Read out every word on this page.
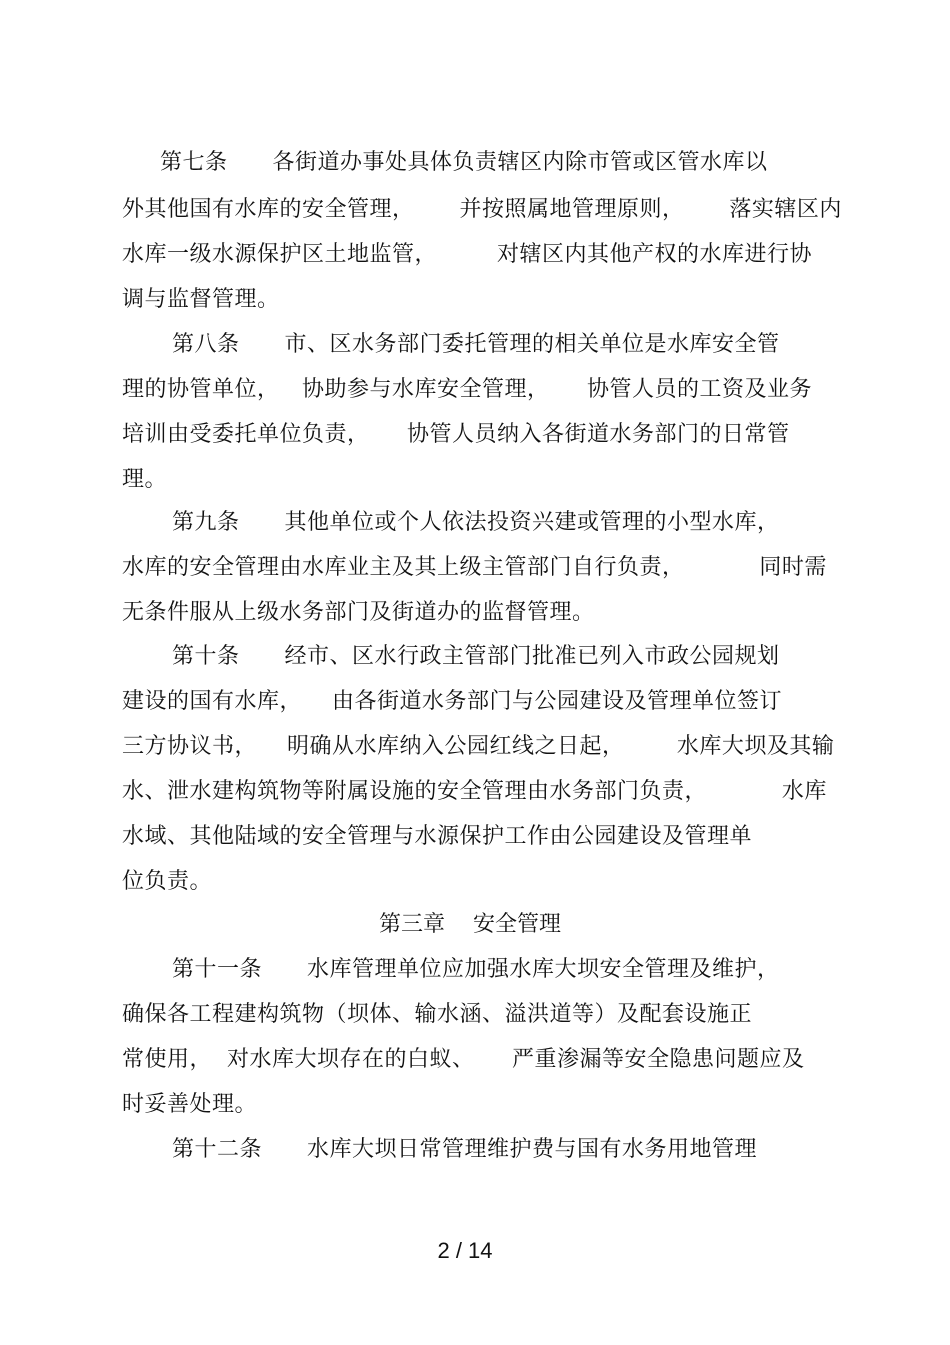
第七条      各街道办事处具体负责辖区内除市管或区管水库以
外其他国有水库的安全管理，      并按照属地管理原则，      落实辖区内
水库一级水源保护区土地监管，        对辖区内其他产权的水库进行协
调与监督管理。
第八条      市、区水务部门委托管理的相关单位是水库安全管
理的协管单位，   协助参与水库安全管理，     协管人员的工资及业务
培训由受委托单位负责，     协管人员纳入各街道水务部门的日常管
理。
第九条      其他单位或个人依法投资兴建或管理的小型水库，
水库的安全管理由水库业主及其上级主管部门自行负责，          同时需
无条件服从上级水务部门及街道办的监督管理。
第十条      经市、区水行政主管部门批准已列入市政公园规划
建设的国有水库，    由各街道水务部门与公园建设及管理单位签订
三方协议书，    明确从水库纳入公园红线之日起，       水库大坝及其输
水、泄水建构筑物等附属设施的安全管理由水务部门负责，          水库
水域、其他陆域的安全管理与水源保护工作由公园建设及管理单
位负责。
第三章    安全管理
第十一条      水库管理单位应加强水库大坝安全管理及维护，
确保各工程建构筑物（坝体、输水涵、溢洪道等）及配套设施正
常使用，  对水库大坝存在的白蚁、     严重渗漏等安全隐患问题应及
时妥善处理。
第十二条      水库大坝日常管理维护费与国有水务用地管理
2 / 14
